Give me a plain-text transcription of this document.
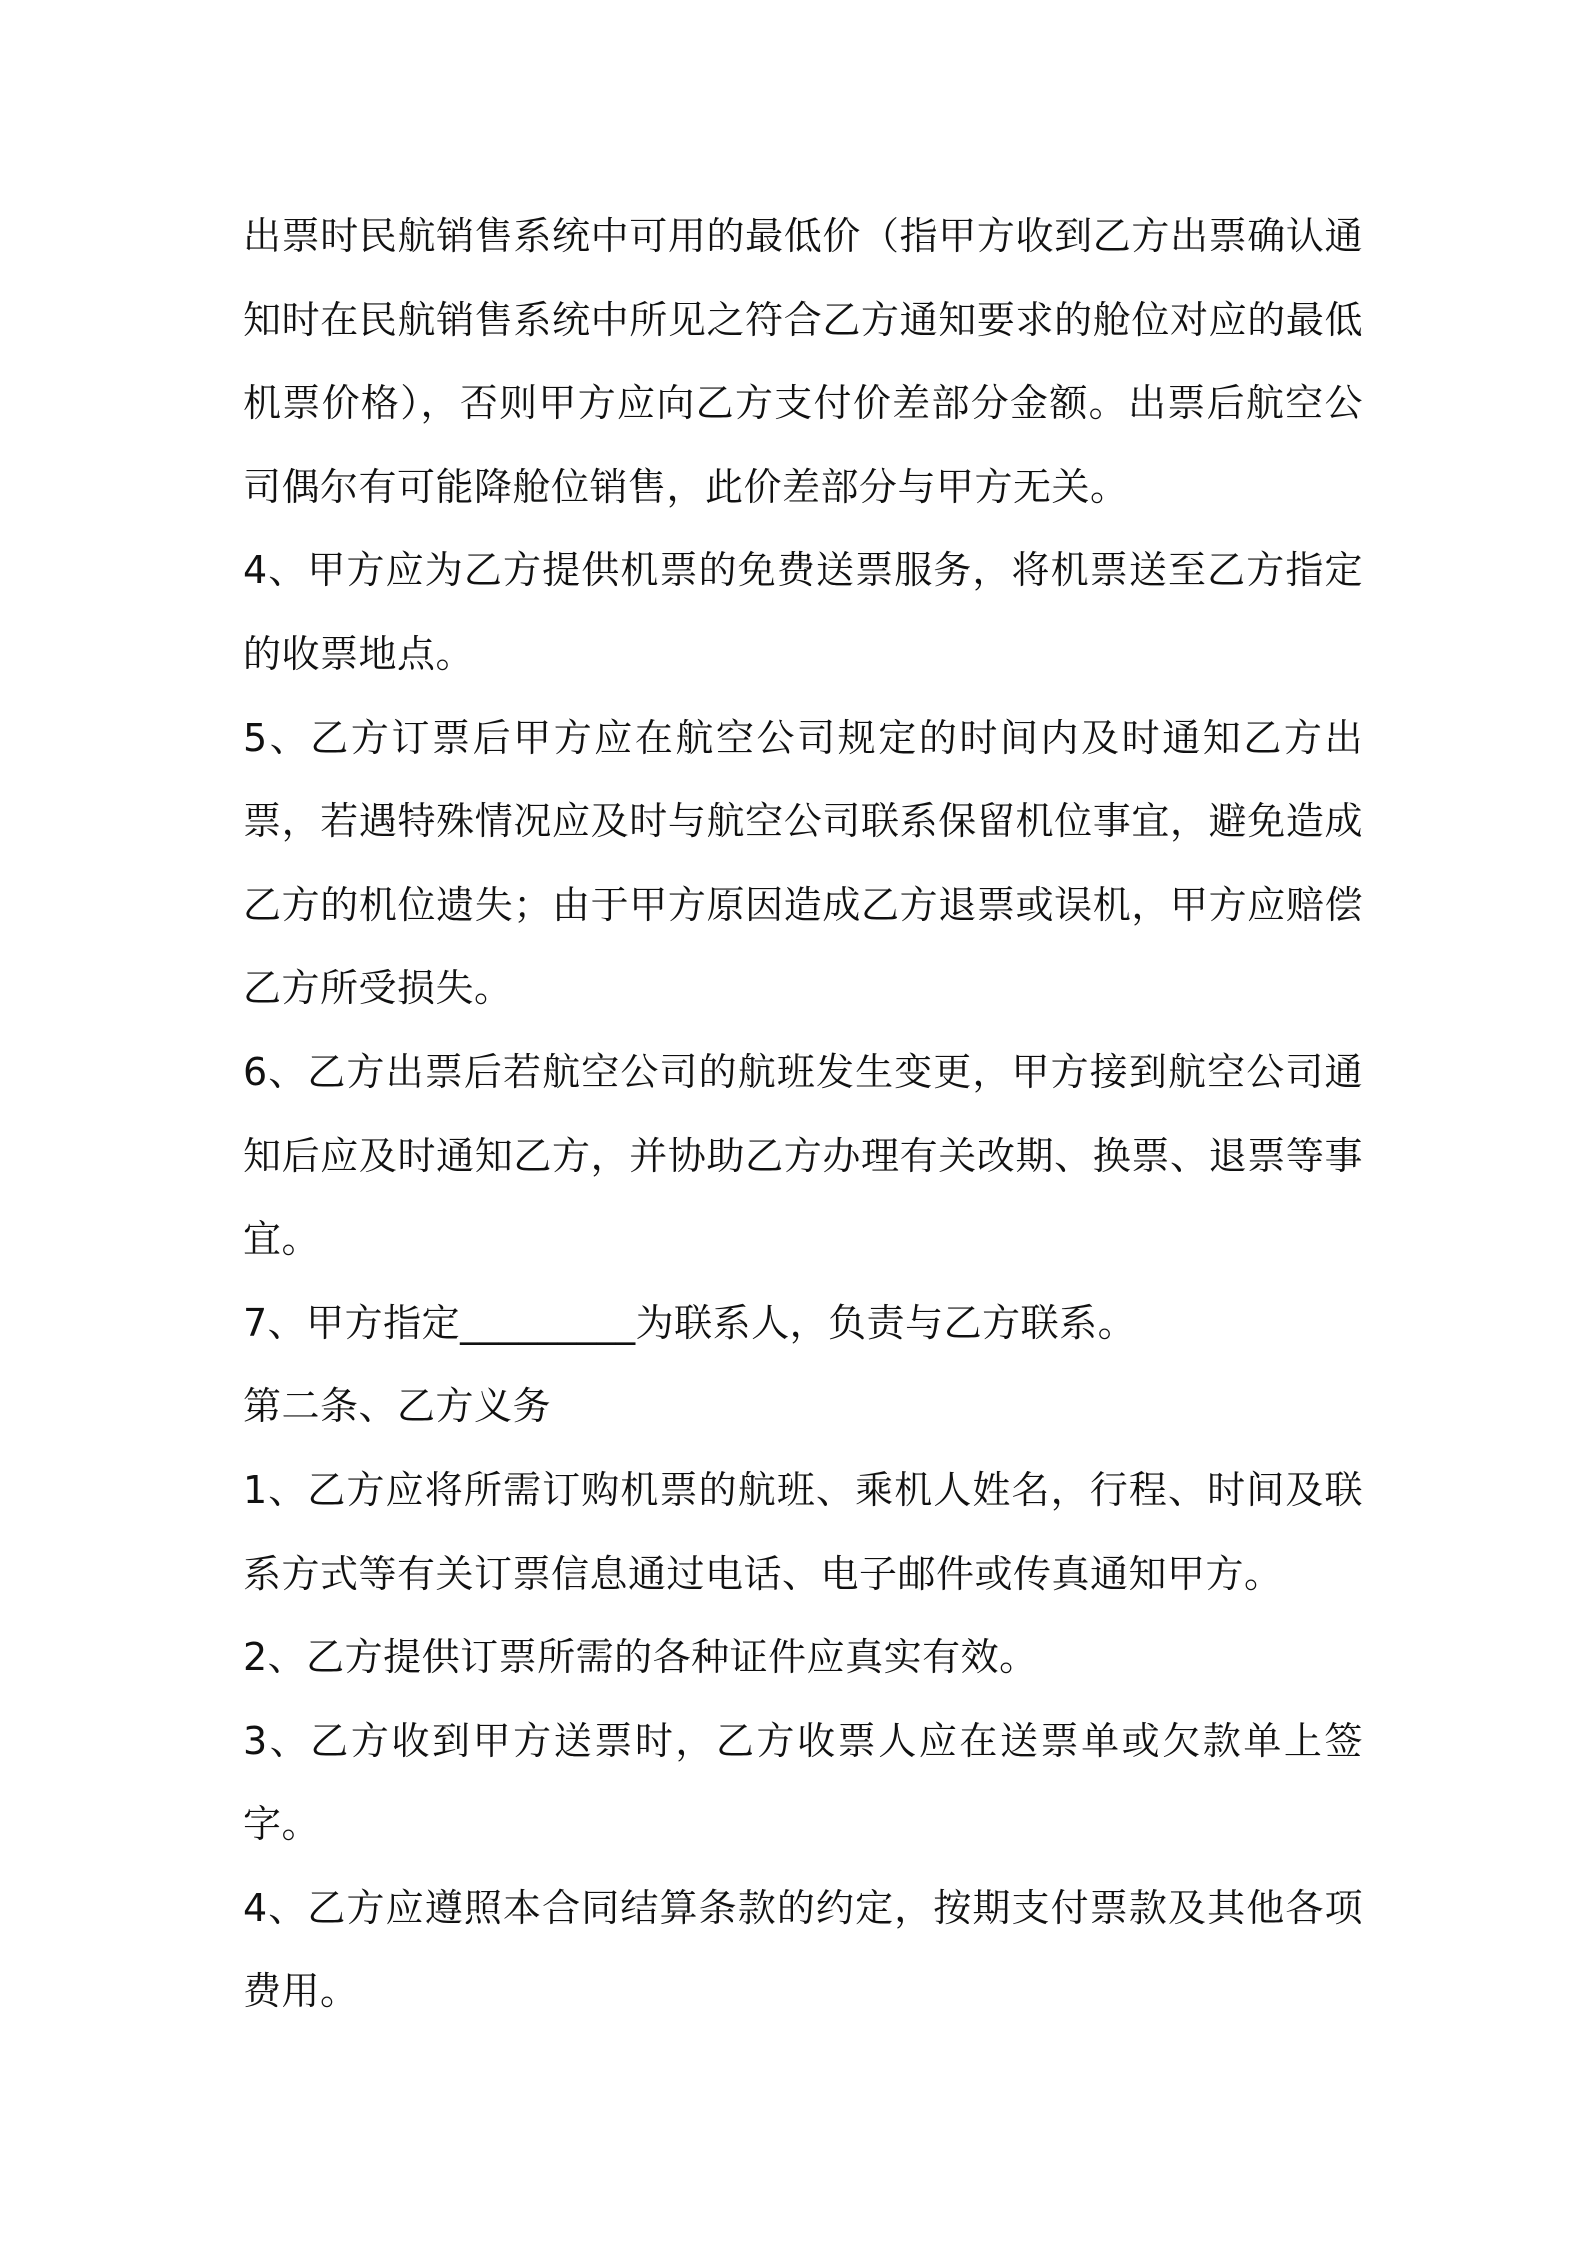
出票时民航销售系统中可用的最低价（指甲方收到乙方出票确认通知时在民航销售系统中所见之符合乙方通知要求的舱位对应的最低机票价格），否则甲方应向乙方支付价差部分金额。出票后航空公司偶尔有可能降舱位销售，此价差部分与甲方无关。

4、甲方应为乙方提供机票的免费送票服务，将机票送至乙方指定的收票地点。

5、乙方订票后甲方应在航空公司规定的时间内及时通知乙方出票，若遇特殊情况应及时与航空公司联系保留机位事宜，避免造成乙方的机位遗失；由于甲方原因造成乙方退票或误机，甲方应赔偿乙方所受损失。

6、乙方出票后若航空公司的航班发生变更，甲方接到航空公司通知后应及时通知乙方，并协助乙方办理有关改期、换票、退票等事宜。

7、甲方指定_________为联系人，负责与乙方联系。

第二条、乙方义务

1、乙方应将所需订购机票的航班、乘机人姓名，行程、时间及联系方式等有关订票信息通过电话、电子邮件或传真通知甲方。

2、乙方提供订票所需的各种证件应真实有效。

3、乙方收到甲方送票时，乙方收票人应在送票单或欠款单上签字。

4、乙方应遵照本合同结算条款的约定，按期支付票款及其他各项费用。
